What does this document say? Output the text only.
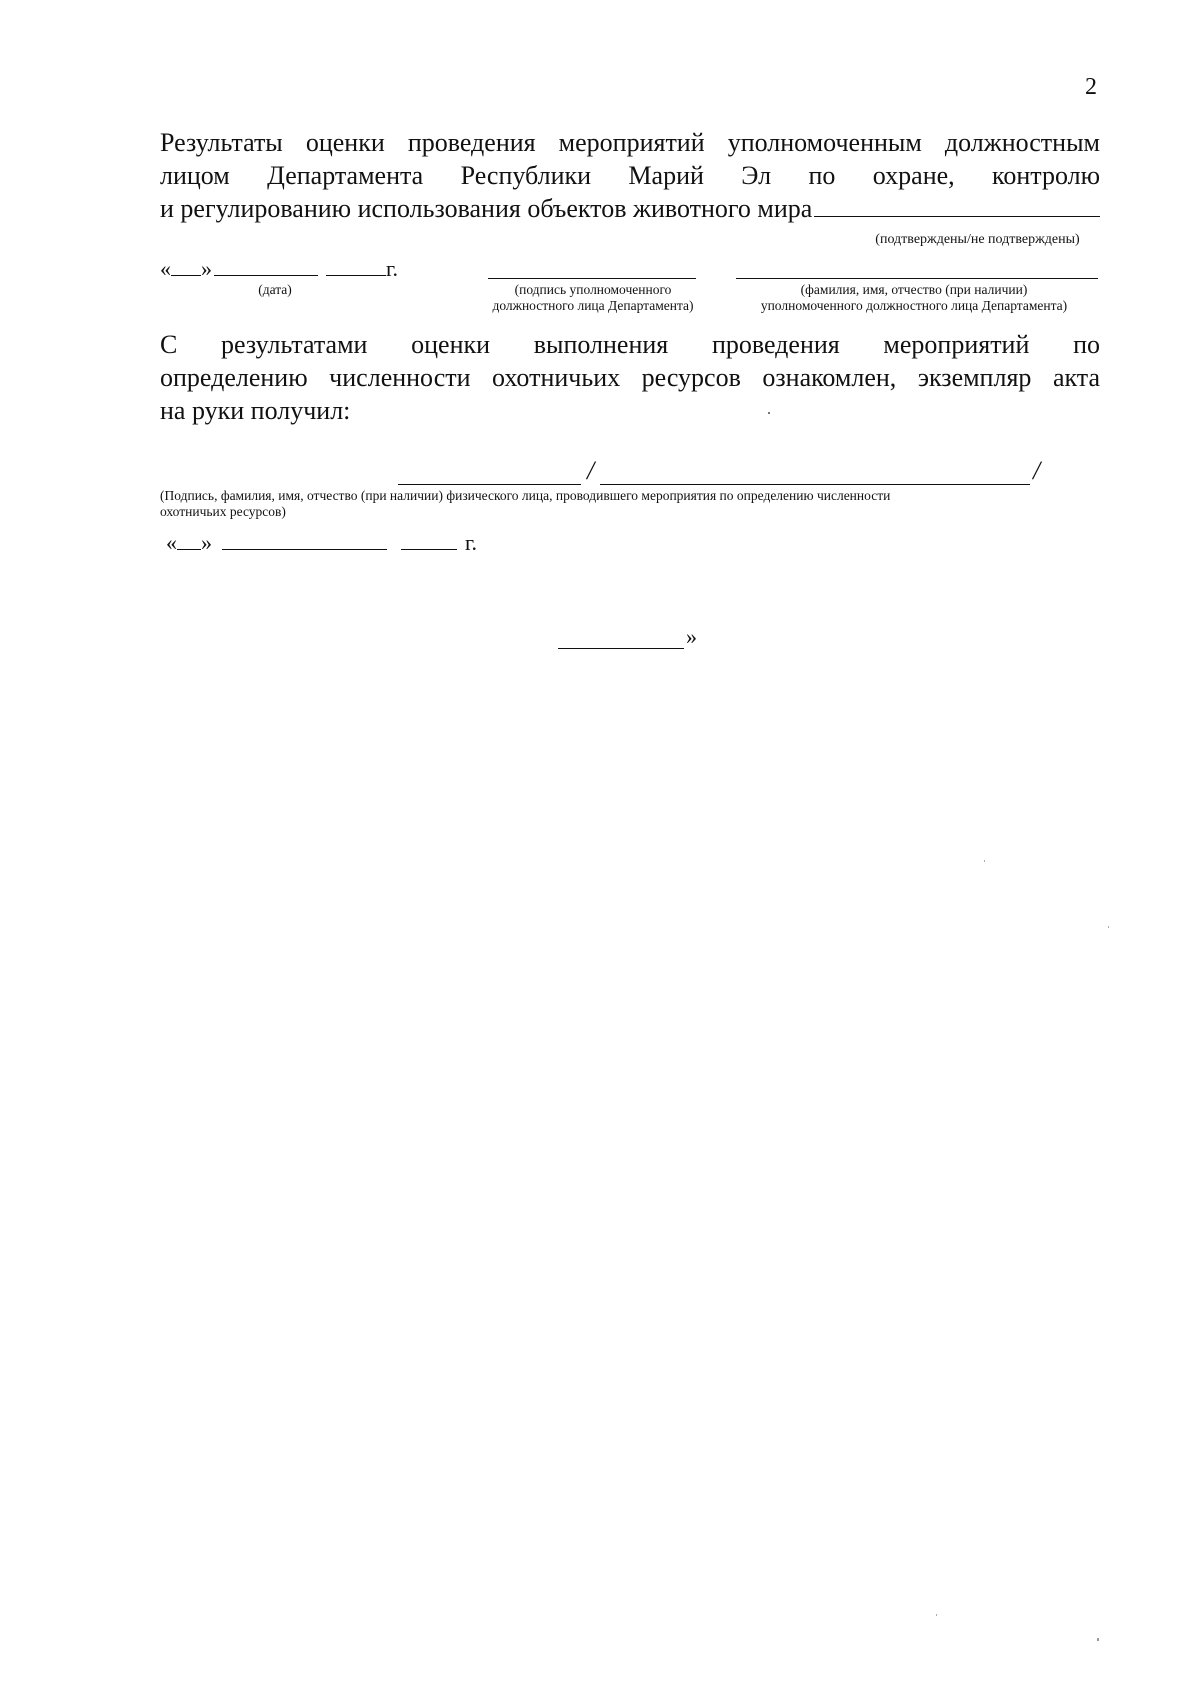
2
Результаты оценки проведения мероприятий уполномоченным должностным
лицом Департамента Республики Марий Эл по охране, контролю
и регулированию использования объектов животного мира
(подтверждены/не подтверждены)
« »	г.
(дата)	(подпись уполномоченного
должностного лица Департамента)
(фамилия, имя, отчество (при наличии)
уполномоченного должностного лица Департамента)
С результатами оценки выполнения проведения мероприятий по
определению численности охотничьих ресурсов ознакомлен, экземпляр акта
на руки получил:
/	/
(Подпись, фамилия, имя, отчество (при наличии) физического лица, проводившего мероприятия по определению численности
охотничьих ресурсов)
« »	г.
»
